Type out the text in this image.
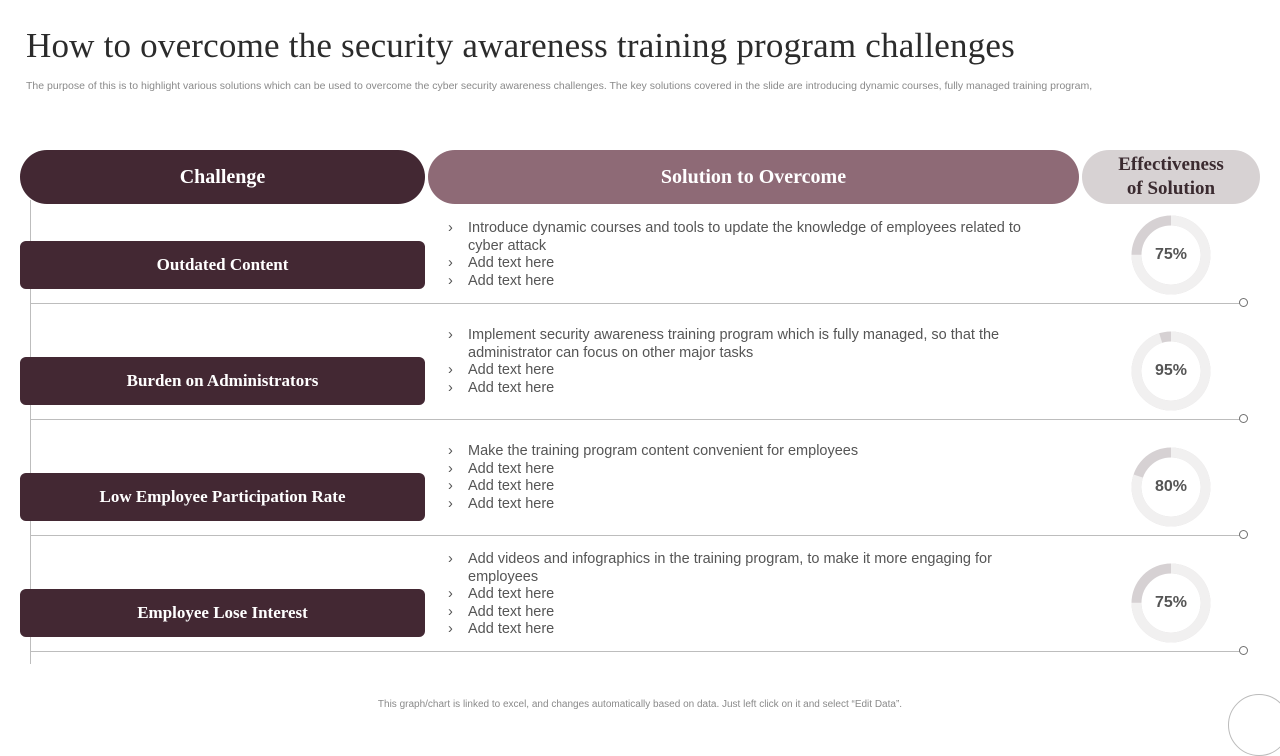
How to overcome the security awareness training program challenges
The purpose of this is to highlight various solutions which can be used to overcome the cyber security awareness challenges. The key solutions covered in the slide are introducing dynamic courses, fully managed training program,
Challenge	Solution to Overcome
Effectiveness
of Solution
Outdated Content
› Introduce dynamic courses and tools to update the knowledge of employees related to cyber attack
› Add text here
› Add text here
75%
Burden on Administrators
› Implement security awareness training program which is fully managed, so that the administrator can focus on other major tasks
› Add text here
› Add text here
95%
Low Employee Participation Rate
› Make the training program content convenient for employees
› Add text here
› Add text here
› Add text here
80%
Employee Lose Interest
› Add videos and infographics in the training program, to make it more engaging for employees
› Add text here
› Add text here
› Add text here
75%
This graph/chart is linked to excel, and changes automatically based on data. Just left click on it and select “Edit Data”.
